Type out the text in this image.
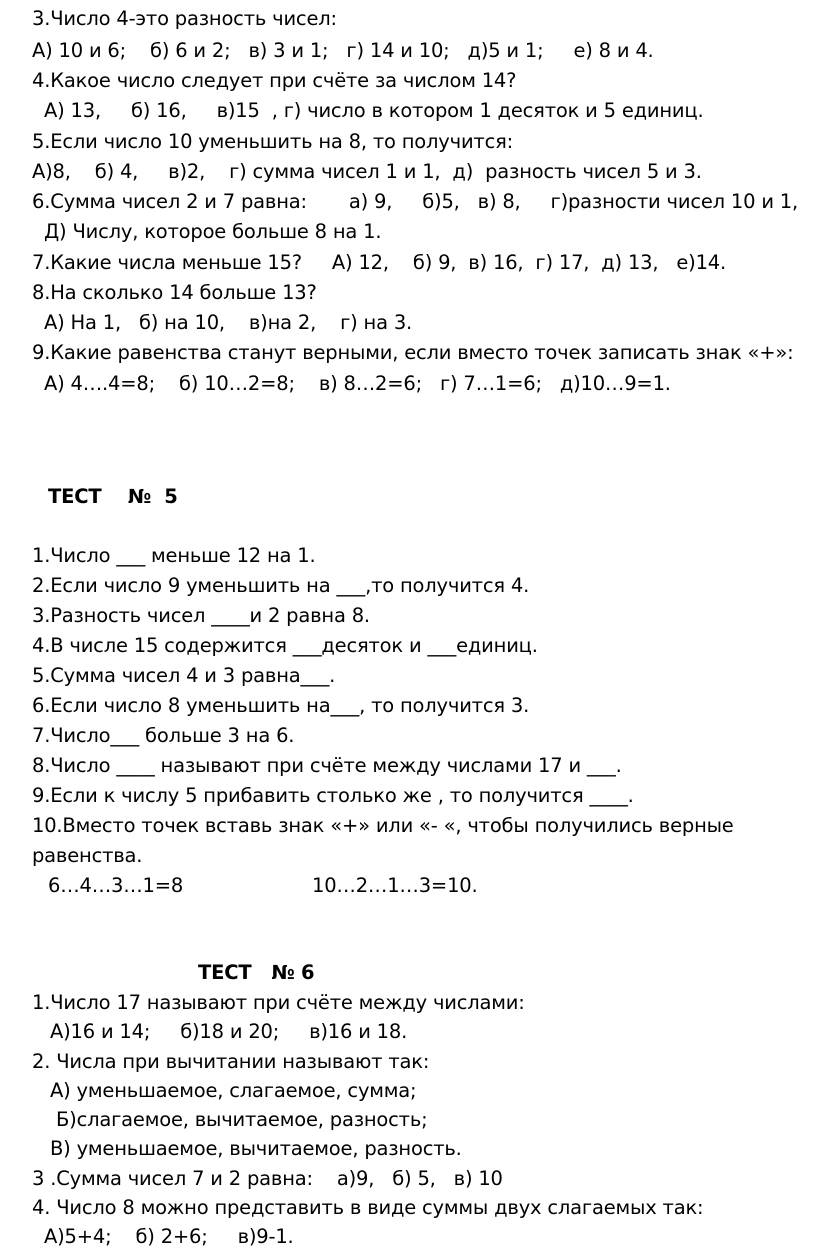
3.Число 4-это разность чисел:
А) 10 и 6;    б) 6 и 2;   в) 3 и 1;   г) 14 и 10;   д)5 и 1;     е) 8 и 4.
4.Какое число следует при счёте за числом 14?
А) 13,     б) 16,     в)15  , г) число в котором 1 десяток и 5 единиц.
5.Если число 10 уменьшить на 8, то получится:
А)8,    б) 4,     в)2,    г) сумма чисел 1 и 1,  д)  разность чисел 5 и 3.
6.Сумма чисел 2 и 7 равна:       а) 9,     б)5,   в) 8,     г)разности чисел 10 и 1,
Д) Числу, которое больше 8 на 1.
7.Какие числа меньше 15?     А) 12,    б) 9,  в) 16,  г) 17,  д) 13,   е)14.
8.На сколько 14 больше 13?
А) На 1,   б) на 10,    в)на 2,    г) на 3.
9.Какие равенства станут верными, если вместо точек записать знак «+»:
А) 4….4=8;    б) 10…2=8;    в) 8…2=6;   г) 7…1=6;   д)10…9=1.
ТЕСТ    №  5
1.Число ___ меньше 12 на 1.
2.Если число 9 уменьшить на ___,то получится 4.
3.Разность чисел ____и 2 равна 8.
4.В числе 15 содержится ___десяток и ___единиц.
5.Сумма чисел 4 и 3 равна___.
6.Если число 8 уменьшить на___, то получится 3.
7.Число___ больше 3 на 6.
8.Число ____ называют при счёте между числами 17 и ___.
9.Если к числу 5 прибавить столько же , то получится ____.
10.Вместо точек вставь знак «+» или «- «, чтобы получились верные
равенства.
6…4…3…1=8	10…2…1…3=10.
ТЕСТ   № 6
1.Число 17 называют при счёте между числами:
А)16 и 14;     б)18 и 20;     в)16 и 18.
2. Числа при вычитании называют так:
А) уменьшаемое, слагаемое, сумма;
Б)слагаемое, вычитаемое, разность;
В) уменьшаемое, вычитаемое, разность.
3 .Сумма чисел 7 и 2 равна:    а)9,   б) 5,   в) 10
4. Число 8 можно представить в виде суммы двух слагаемых так:
А)5+4;    б) 2+6;     в)9-1.
